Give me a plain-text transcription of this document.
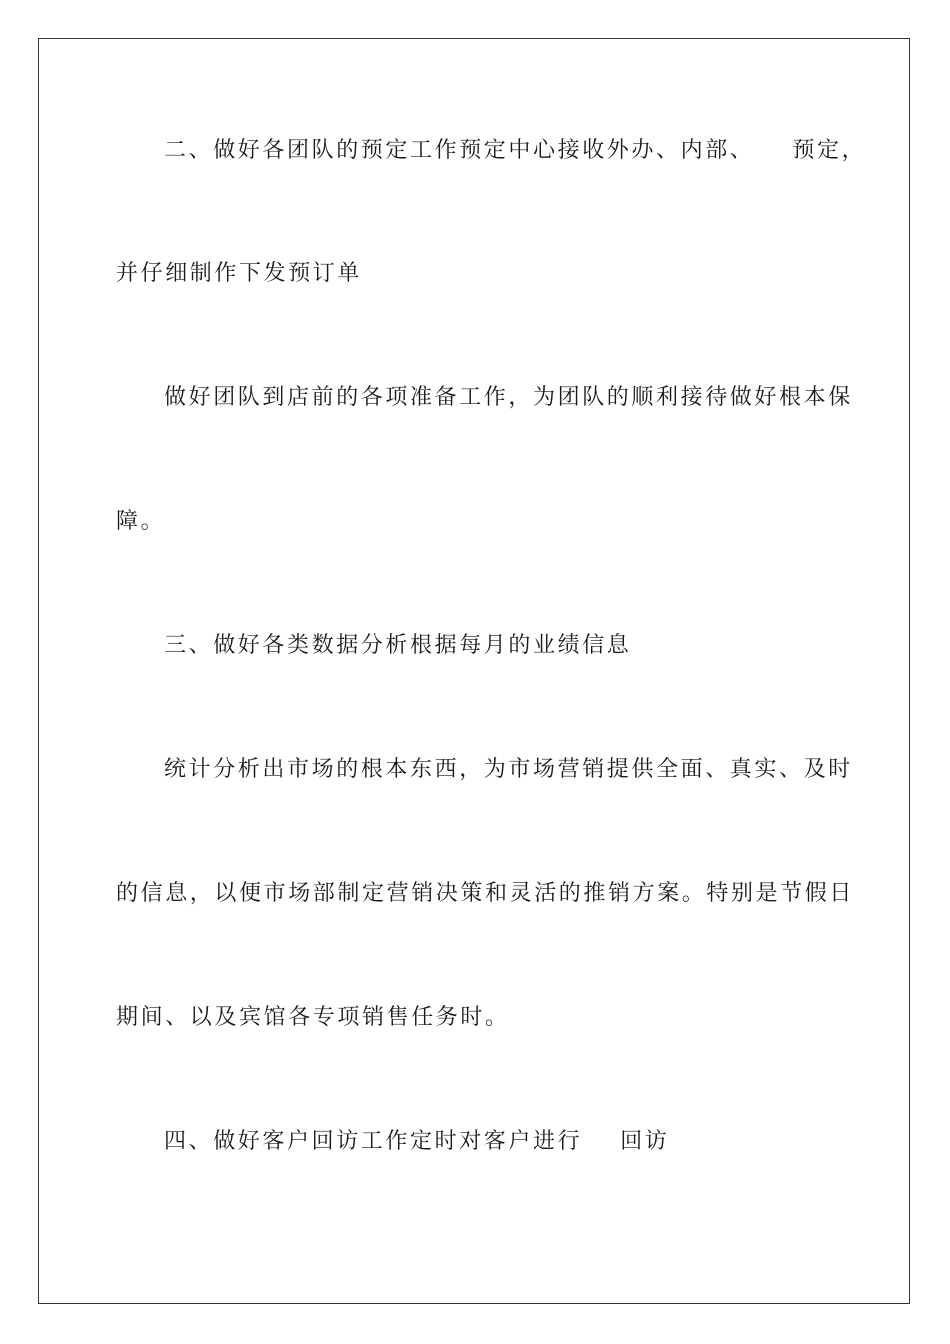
二、做好各团队的预定工作预定中心接收外办、内部、 预定，
并仔细制作下发预订单
做好团队到店前的各项准备工作，为团队的顺利接待做好根本保
障。
三、做好各类数据分析根据每月的业绩信息
统计分析出市场的根本东西，为市场营销提供全面、真实、及时
的信息，以便市场部制定营销决策和灵活的推销方案。特别是节假日
期间、以及宾馆各专项销售任务时。
四、做好客户回访工作定时对客户进行 回访
